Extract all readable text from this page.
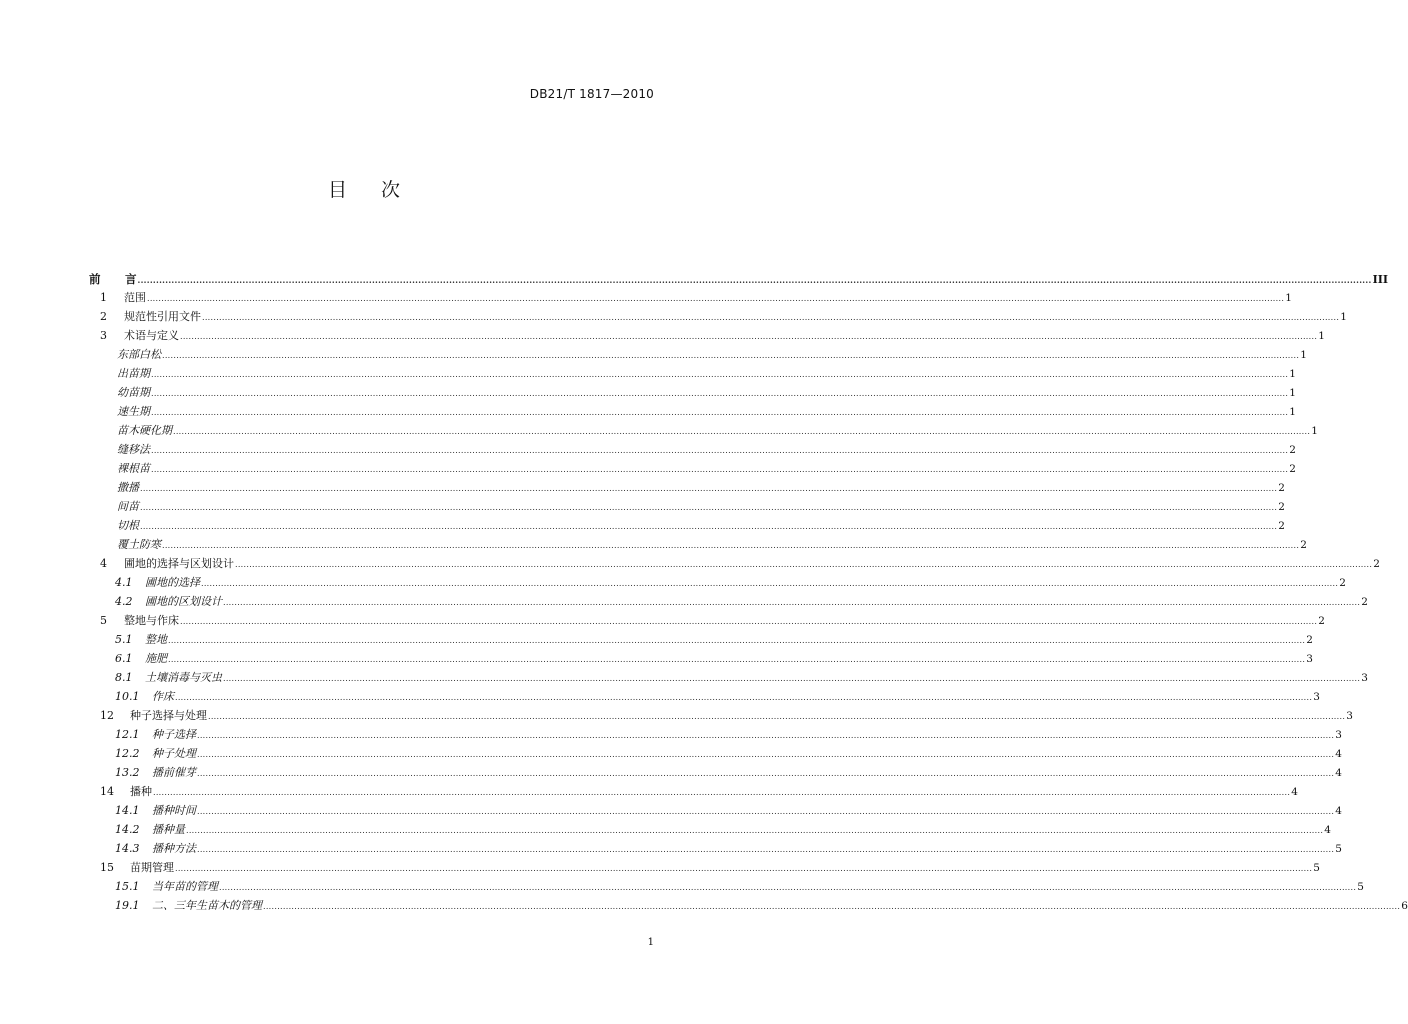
DB21/T 1817—2010
目 次
前	言 ................................................................................................................................................................................................................................................................................................................................................................................................................ III
1	范围 ................................................................................................................................................................................................................................................................................................................................................................................................................ 1
2	规范性引用文件 ................................................................................................................................................................................................................................................................................................................................................................................................................ 1
3	术语与定义 ................................................................................................................................................................................................................................................................................................................................................................................................................ 1
东部白松 ................................................................................................................................................................................................................................................................................................................................................................................................................ 1
出苗期 ................................................................................................................................................................................................................................................................................................................................................................................................................ 1
幼苗期 ................................................................................................................................................................................................................................................................................................................................................................................................................ 1
速生期 ................................................................................................................................................................................................................................................................................................................................................................................................................ 1
苗木硬化期 ................................................................................................................................................................................................................................................................................................................................................................................................................ 1
缝移法 ................................................................................................................................................................................................................................................................................................................................................................................................................ 2
裸根苗 ................................................................................................................................................................................................................................................................................................................................................................................................................ 2
撒播 ................................................................................................................................................................................................................................................................................................................................................................................................................ 2
间苗 ................................................................................................................................................................................................................................................................................................................................................................................................................ 2
切根 ................................................................................................................................................................................................................................................................................................................................................................................................................ 2
覆土防寒 ................................................................................................................................................................................................................................................................................................................................................................................................................ 2
4	圃地的选择与区划设计 ................................................................................................................................................................................................................................................................................................................................................................................................................ 2
4.1	圃地的选择 ................................................................................................................................................................................................................................................................................................................................................................................................................ 2
4.2	圃地的区划设计 ................................................................................................................................................................................................................................................................................................................................................................................................................ 2
5	整地与作床 ................................................................................................................................................................................................................................................................................................................................................................................................................ 2
5.1	整地 ................................................................................................................................................................................................................................................................................................................................................................................................................ 2
6.1	施肥 ................................................................................................................................................................................................................................................................................................................................................................................................................ 3
8.1	土壤消毒与灭虫 ................................................................................................................................................................................................................................................................................................................................................................................................................ 3
10.1	作床 ................................................................................................................................................................................................................................................................................................................................................................................................................ 3
12	种子选择与处理 ................................................................................................................................................................................................................................................................................................................................................................................................................ 3
12.1	种子选择 ................................................................................................................................................................................................................................................................................................................................................................................................................ 3
12.2	种子处理 ................................................................................................................................................................................................................................................................................................................................................................................................................ 4
13.2	播前催芽 ................................................................................................................................................................................................................................................................................................................................................................................................................ 4
14	播种 ................................................................................................................................................................................................................................................................................................................................................................................................................ 4
14.1	播种时间 ................................................................................................................................................................................................................................................................................................................................................................................................................ 4
14.2	播种量 ................................................................................................................................................................................................................................................................................................................................................................................................................ 4
14.3	播种方法 ................................................................................................................................................................................................................................................................................................................................................................................................................ 5
15	苗期管理 ................................................................................................................................................................................................................................................................................................................................................................................................................ 5
15.1	当年苗的管理 ................................................................................................................................................................................................................................................................................................................................................................................................................ 5
19.1	二、三年生苗木的管理 ................................................................................................................................................................................................................................................................................................................................................................................................................ 6
1
